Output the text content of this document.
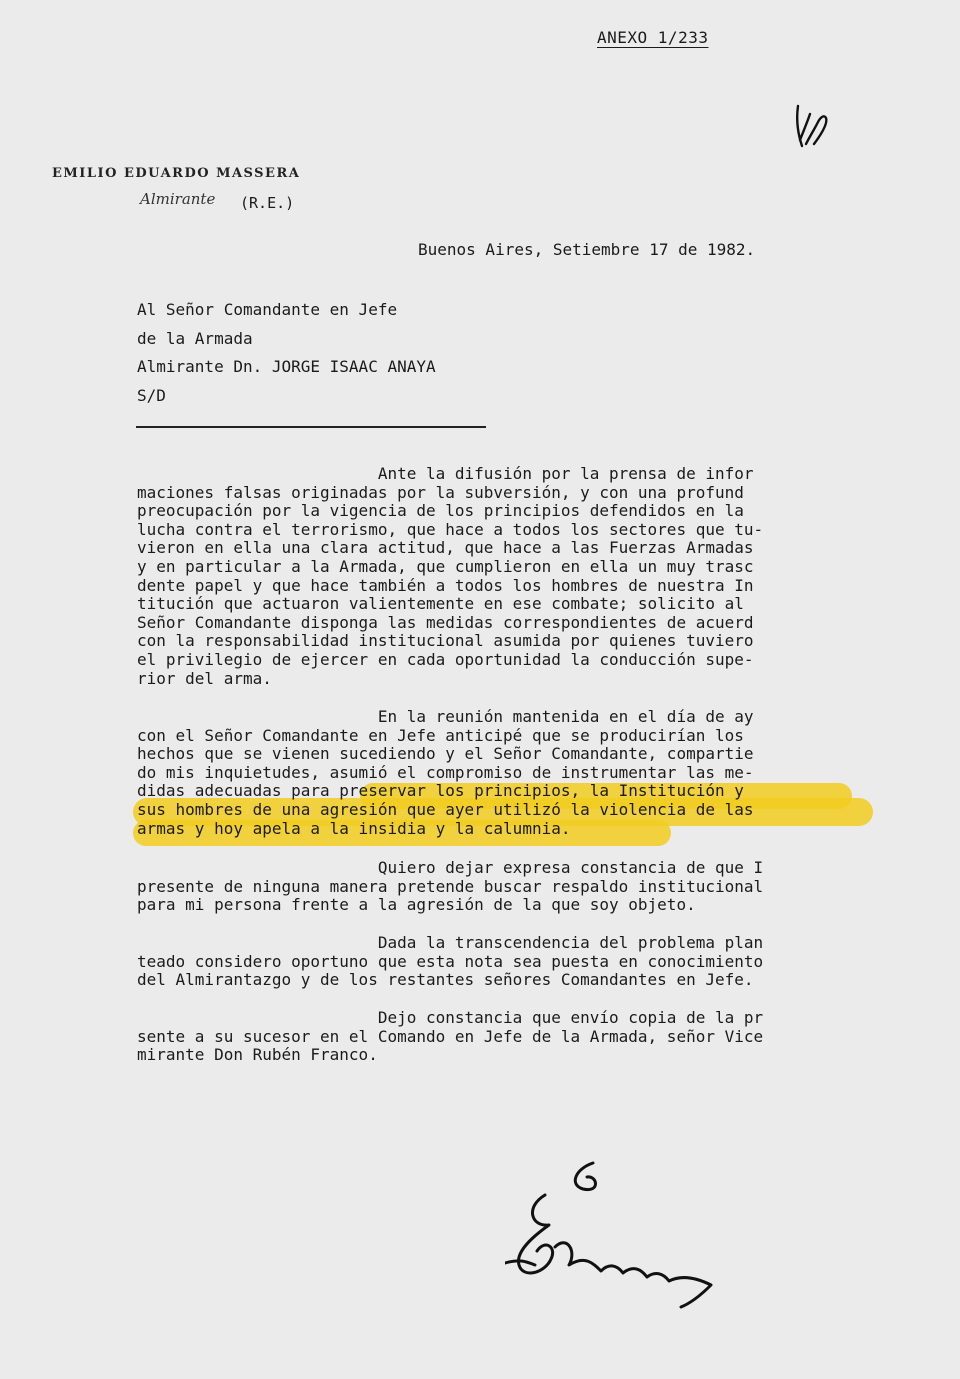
ANEXO 1/233
EMILIO EDUARDO MASSERA
Almirante (R.E.)
Buenos Aires, Setiembre 17 de 1982.
Al Señor Comandante en Jefe
de la Armada
Almirante Dn. JORGE ISAAC ANAYA
S/D
Ante la difusión por la prensa de infor
maciones falsas originadas por la subversión, y con una profund
preocupación por la vigencia de los principios defendidos en la
lucha contra el terrorismo, que hace a todos los sectores que tu-
vieron en ella una clara actitud, que hace a las Fuerzas Armadas
y en particular a la Armada, que cumplieron en ella un muy trasc
dente papel y que hace también a todos los hombres de nuestra In
titución que actuaron valientemente en ese combate; solicito al
Señor Comandante disponga las medidas correspondientes de acuerd
con la responsabilidad institucional asumida por quienes tuviero
el privilegio de ejercer en cada oportunidad la conducción supe-
rior del arma.
En la reunión mantenida en el día de ay
con el Señor Comandante en Jefe anticipé que se producirían los
hechos que se vienen sucediendo y el Señor Comandante, compartie
do mis inquietudes, asumió el compromiso de instrumentar las me-
didas adecuadas para preservar los principios, la Institución y
sus hombres de una agresión que ayer utilizó la violencia de las
armas y hoy apela a la insidia y la calumnia.
Quiero dejar expresa constancia de que I
presente de ninguna manera pretende buscar respaldo institucional
para mi persona frente a la agresión de la que soy objeto.
Dada la transcendencia del problema plan
teado considero oportuno que esta nota sea puesta en conocimiento
del Almirantazgo y de los restantes señores Comandantes en Jefe.
Dejo constancia que envío copia de la pr
sente a su sucesor en el Comando en Jefe de la Armada, señor Vice
mirante Don Rubén Franco.
